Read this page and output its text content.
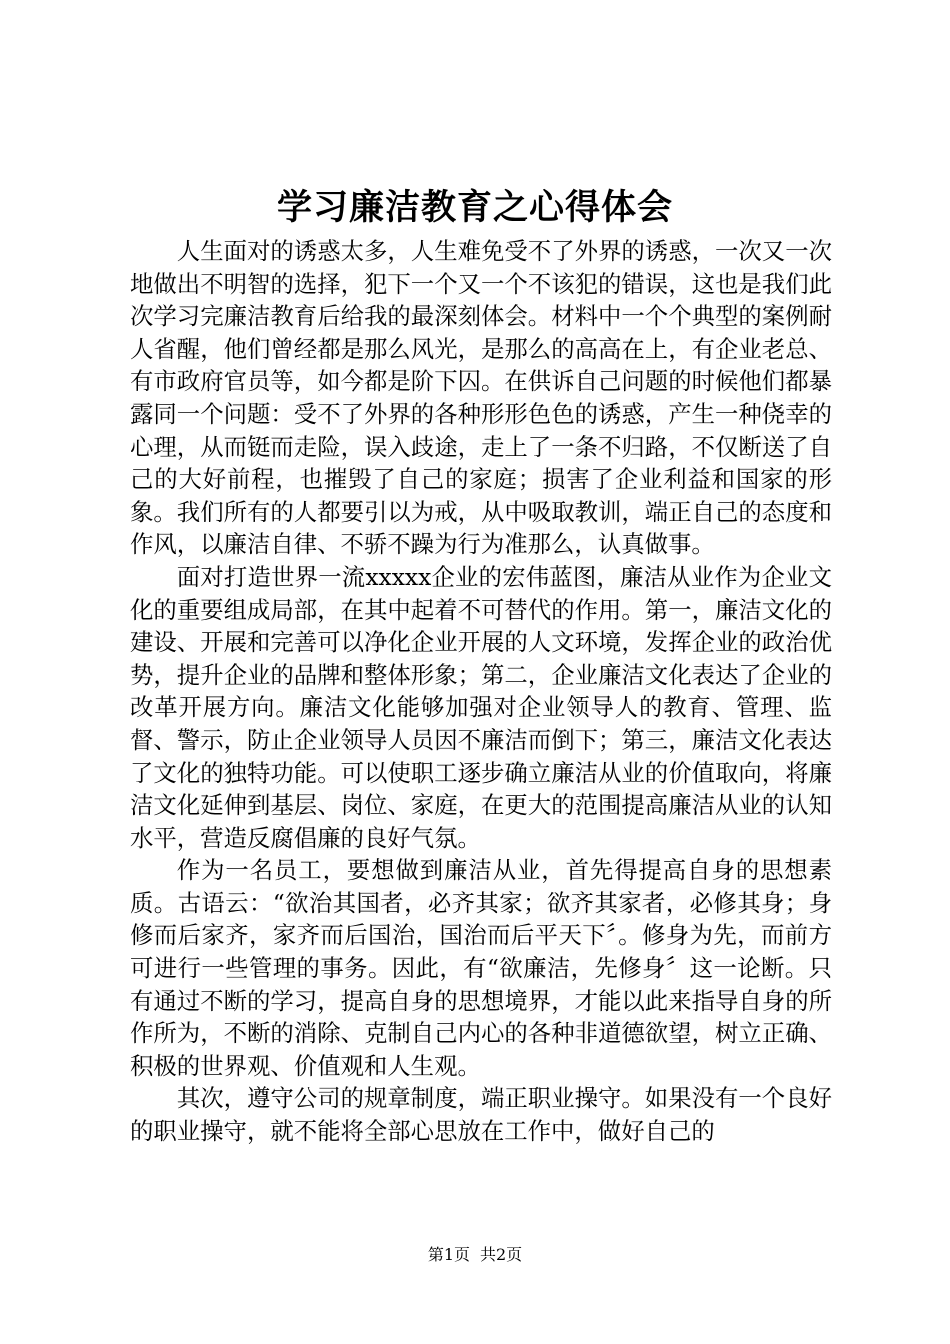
学习廉洁教育之心得体会

人生面对的诱惑太多，人生难免受不了外界的诱惑，一次又一次地做出不明智的选择，犯下一个又一个不该犯的错误，这也是我们此次学习完廉洁教育后给我的最深刻体会。材料中一个个典型的案例耐人省醒，他们曾经都是那么风光，是那么的高高在上，有企业老总、有市政府官员等，如今都是阶下囚。在供诉自己问题的时候他们都暴露同一个问题：受不了外界的各种形形色色的诱惑，产生一种侥幸的心理，从而铤而走险，误入歧途，走上了一条不归路，不仅断送了自己的大好前程，也摧毁了自己的家庭；损害了企业利益和国家的形象。我们所有的人都要引以为戒，从中吸取教训，端正自己的态度和作风，以廉洁自律、不骄不躁为行为准那么，认真做事。

面对打造世界一流xxxxx企业的宏伟蓝图，廉洁从业作为企业文化的重要组成局部，在其中起着不可替代的作用。第一，廉洁文化的建设、开展和完善可以净化企业开展的人文环境，发挥企业的政治优势，提升企业的品牌和整体形象；第二，企业廉洁文化表达了企业的改革开展方向。廉洁文化能够加强对企业领导人的教育、管理、监督、警示，防止企业领导人员因不廉洁而倒下；第三，廉洁文化表达了文化的独特功能。可以使职工逐步确立廉洁从业的价值取向，将廉洁文化延伸到基层、岗位、家庭，在更大的范围提高廉洁从业的认知水平，营造反腐倡廉的良好气氛。

作为一名员工，要想做到廉洁从业，首先得提高自身的思想素质。古语云：“欲治其国者，必齐其家；欲齐其家者，必修其身；身修而后家齐，家齐而后国治，国治而后平天下〞。修身为先，而前方可进行一些管理的事务。因此，有“欲廉洁，先修身〞这一论断。只有通过不断的学习，提高自身的思想境界，才能以此来指导自身的所作所为，不断的消除、克制自己内心的各种非道德欲望，树立正确、积极的世界观、价值观和人生观。

其次，遵守公司的规章制度，端正职业操守。如果没有一个良好的职业操守，就不能将全部心思放在工作中，做好自己的

第1页 共2页
